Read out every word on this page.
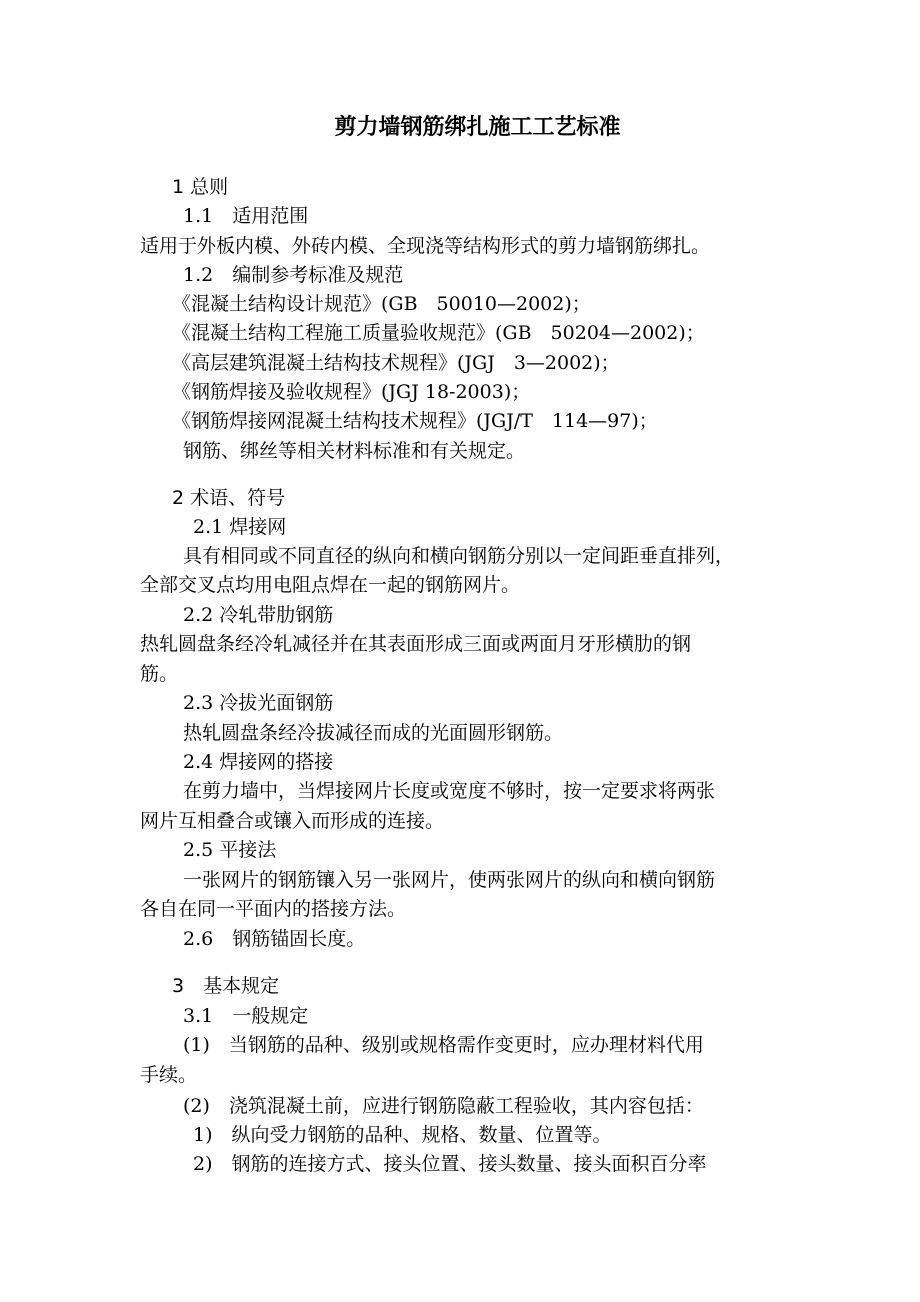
剪力墙钢筋绑扎施工工艺标准
1 总则
1.1　适用范围
适用于外板内模、外砖内模、全现浇等结构形式的剪力墙钢筋绑扎。
1.2　编制参考标准及规范
《混凝土结构设计规范》(GB　50010—2002)；
《混凝土结构工程施工质量验收规范》(GB　50204—2002)；
《高层建筑混凝土结构技术规程》(JGJ　3—2002)；
《钢筋焊接及验收规程》(JGJ 18-2003)；
《钢筋焊接网混凝土结构技术规程》(JGJ/T　114—97)；
钢筋、绑丝等相关材料标准和有关规定。
2 术语、符号
2.1 焊接网
具有相同或不同直径的纵向和横向钢筋分别以一定间距垂直排列，
全部交叉点均用电阻点焊在一起的钢筋网片。
2.2 冷轧带肋钢筋
热轧圆盘条经冷轧减径并在其表面形成三面或两面月牙形横肋的钢
筋。
2.3 冷拔光面钢筋
热轧圆盘条经冷拔减径而成的光面圆形钢筋。
2.4 焊接网的搭接
在剪力墙中，当焊接网片长度或宽度不够时，按一定要求将两张
网片互相叠合或镶入而形成的连接。
2.5 平接法
一张网片的钢筋镶入另一张网片，使两张网片的纵向和横向钢筋
各自在同一平面内的搭接方法。
2.6　钢筋锚固长度。
3　基本规定
3.1　一般规定
(1)　当钢筋的品种、级别或规格需作变更时，应办理材料代用
手续。
(2)　浇筑混凝土前，应进行钢筋隐蔽工程验收，其内容包括：
1)　纵向受力钢筋的品种、规格、数量、位置等。
2)　钢筋的连接方式、接头位置、接头数量、接头面积百分率
